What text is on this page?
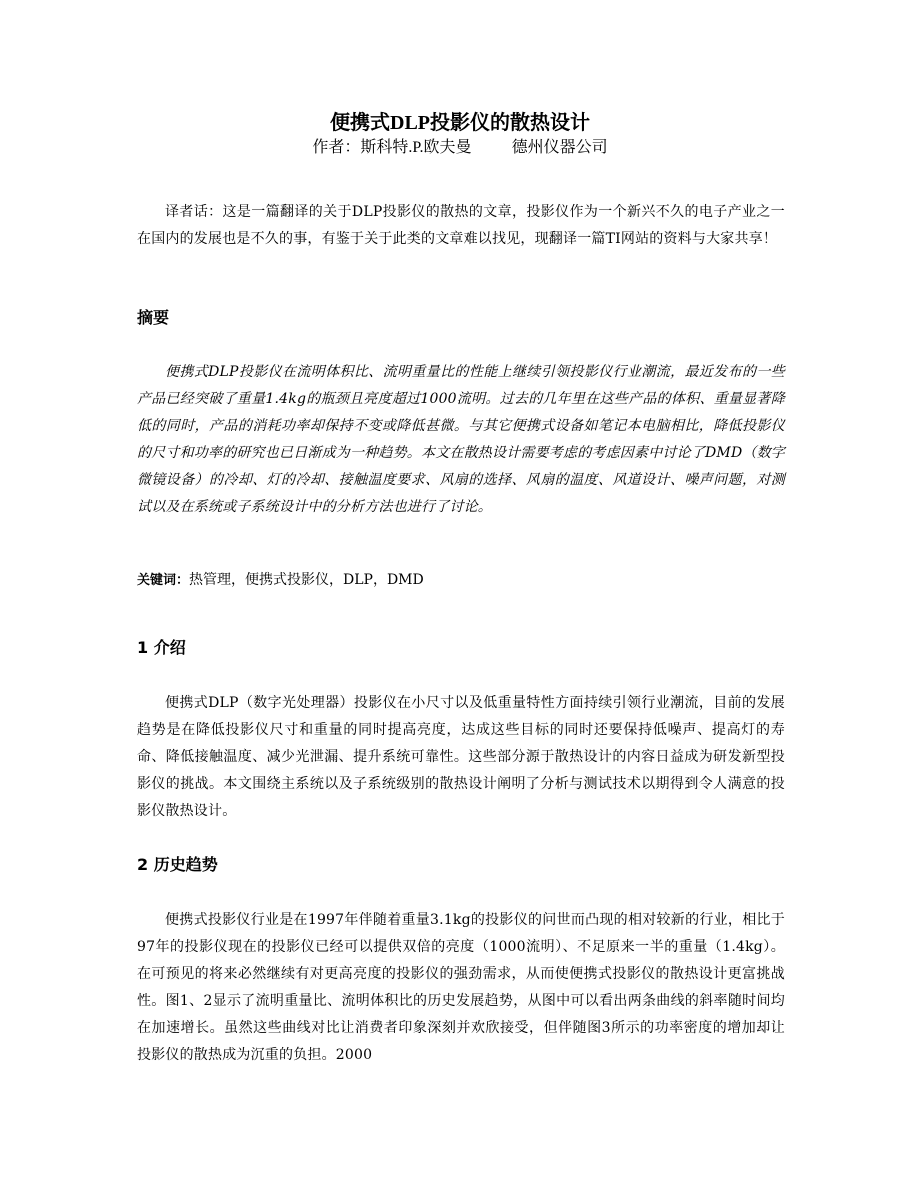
便携式DLP投影仪的散热设计
作者：斯科特.P.欧夫曼	德州仪器公司
译者话：这是一篇翻译的关于DLP投影仪的散热的文章，投影仪作为一个新兴不久的电子产业之一在国内的发展也是不久的事，有鉴于关于此类的文章难以找见，现翻译一篇TI网站的资料与大家共享！
摘要
便携式DLP投影仪在流明体积比、流明重量比的性能上继续引领投影仪行业潮流，最近发布的一些产品已经突破了重量1.4kg的瓶颈且亮度超过1000流明。过去的几年里在这些产品的体积、重量显著降低的同时，产品的消耗功率却保持不变或降低甚微。与其它便携式设备如笔记本电脑相比，降低投影仪的尺寸和功率的研究也已日渐成为一种趋势。本文在散热设计需要考虑的考虑因素中讨论了DMD（数字微镜设备）的冷却、灯的冷却、接触温度要求、风扇的选择、风扇的温度、风道设计、噪声问题，对测试以及在系统或子系统设计中的分析方法也进行了讨论。
关键词：热管理，便携式投影仪，DLP，DMD
1 介绍
便携式DLP（数字光处理器）投影仪在小尺寸以及低重量特性方面持续引领行业潮流，目前的发展趋势是在降低投影仪尺寸和重量的同时提高亮度，达成这些目标的同时还要保持低噪声、提高灯的寿命、降低接触温度、减少光泄漏、提升系统可靠性。这些部分源于散热设计的内容日益成为研发新型投影仪的挑战。本文围绕主系统以及子系统级别的散热设计阐明了分析与测试技术以期得到令人满意的投影仪散热设计。
2 历史趋势
便携式投影仪行业是在1997年伴随着重量3.1kg的投影仪的问世而凸现的相对较新的行业，相比于97年的投影仪现在的投影仪已经可以提供双倍的亮度（1000流明）、不足原来一半的重量（1.4kg）。在可预见的将来必然继续有对更高亮度的投影仪的强劲需求，从而使便携式投影仪的散热设计更富挑战性。图1、2显示了流明重量比、流明体积比的历史发展趋势，从图中可以看出两条曲线的斜率随时间均在加速增长。虽然这些曲线对比让消费者印象深刻并欢欣接受，但伴随图3所示的功率密度的增加却让投影仪的散热成为沉重的负担。2000
